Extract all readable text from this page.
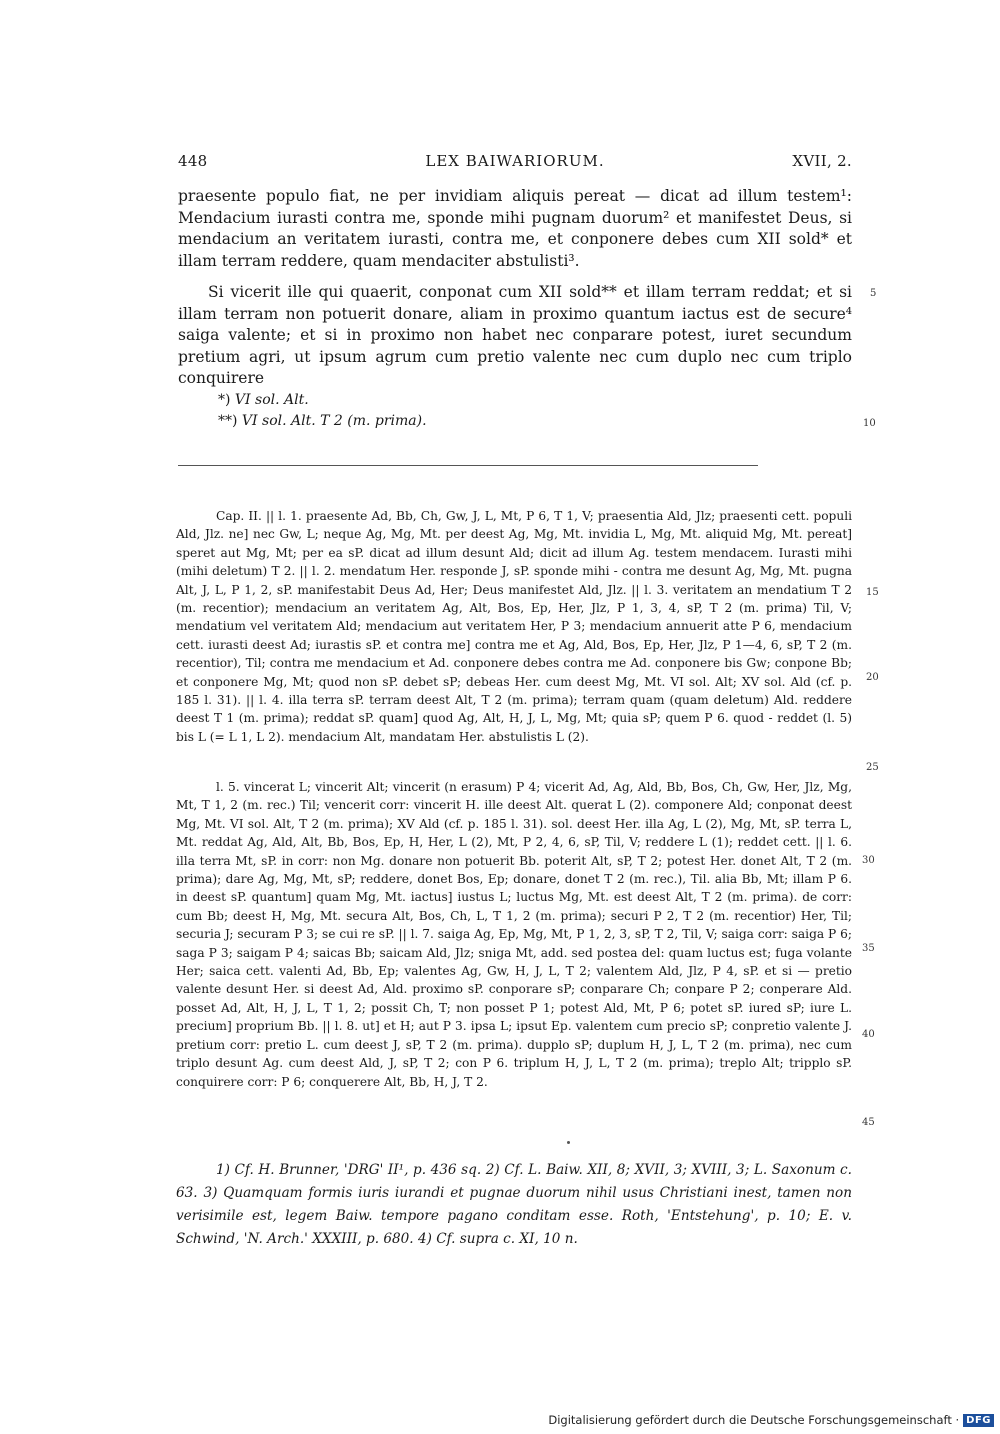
448	LEX BAIWARIORUM.	XVII, 2.

praesente populo fiat, ne per invidiam aliquis pereat — dicat ad illum testem¹: Mendacium iurasti contra me, sponde mihi pugnam duorum² et manifestet Deus, si mendacium an veritatem iurasti, contra me, et conponere debes cum XII sold* et illam terram reddere, quam mendaciter abstulisti³.

Si vicerit ille qui quaerit, conponat cum XII sold** et illam terram reddat; et si illam terram non potuerit donare, aliam in proximo quantum iactus est de secure⁴ saiga valente; et si in proximo non habet nec conparare potest, iuret secundum pretium agri, ut ipsum agrum cum pretio valente nec cum duplo nec cum triplo conquirere

5
*) VI sol. Alt.
**) VI sol. Alt. T 2 (m. prima).	10

Cap. II. || l. 1. praesente Ad, Bb, Ch, Gw, J, L, Mt, P 6, T 1, V; praesentia Ald, Jlz; praesenti cett. populi Ald, Jlz. ne] nec Gw, L; neque Ag, Mg, Mt. per deest Ag, Mg, Mt. invidia L, Mg, Mt. aliquid Mg, Mt. pereat] speret aut Mg, Mt; per ea sP. dicat ad illum desunt Ald; dicit ad illum Ag. testem mendacem. Iurasti mihi (mihi deletum) T 2. || l. 2. mendatum Her. responde J, sP. sponde mihi - contra me desunt Ag, Mg, Mt. pugna Alt, J, L, P 1, 2, sP. manifestabit Deus Ad, Her; Deus manifestet Ald, Jlz. || l. 3. veritatem an mendatium T 2 (m. recentior); mendacium an veritatem Ag, Alt, Bos, Ep, Her, Jlz, P 1, 3, 4, sP, T 2 (m. prima) Til, V; mendatium vel veritatem Ald; mendacium aut veritatem Her, P 3; mendacium annuerit atte P 6, mendacium cett. iurasti deest Ad; iurastis sP. et contra me] contra me et Ag, Ald, Bos, Ep, Her, Jlz, P 1—4, 6, sP, T 2 (m. recentior), Til; contra me mendacium et Ad. conponere debes contra me Ad. conponere bis Gw; conpone Bb; et conponere Mg, Mt; quod non sP. debet sP; debeas Her. cum deest Mg, Mt. VI sol. Alt; XV sol. Ald (cf. p. 185 l. 31). || l. 4. illa terra sP. terram deest Alt, T 2 (m. prima); terram quam (quam deletum) Ald. reddere deest T 1 (m. prima); reddat sP. quam] quod Ag, Alt, H, J, L, Mg, Mt; quia sP; quem P 6. quod - reddet (l. 5) bis L (= L 1, L 2). mendacium Alt, mandatam Her. abstulistis L (2).

15
20
25

l. 5. vincerat L; vincerit Alt; vincerit (n erasum) P 4; vicerit Ad, Ag, Ald, Bb, Bos, Ch, Gw, Her, Jlz, Mg, Mt, T 1, 2 (m. rec.) Til; vencerit corr: vincerit H. ille deest Alt. querat L (2). componere Ald; conponat deest Mg, Mt. VI sol. Alt, T 2 (m. prima); XV Ald (cf. p. 185 l. 31). sol. deest Her. illa Ag, L (2), Mg, Mt, sP. terra L, Mt. reddat Ag, Ald, Alt, Bb, Bos, Ep, H, Her, L (2), Mt, P 2, 4, 6, sP, Til, V; reddere L (1); reddet cett. || l. 6. illa terra Mt, sP. in corr: non Mg. donare non potuerit Bb. poterit Alt, sP, T 2; potest Her. donet Alt, T 2 (m. prima); dare Ag, Mg, Mt, sP; reddere, donet Bos, Ep; donare, donet T 2 (m. rec.), Til. alia Bb, Mt; illam P 6. in deest sP. quantum] quam Mg, Mt. iactus] iustus L; luctus Mg, Mt. est deest Alt, T 2 (m. prima). de corr: cum Bb; deest H, Mg, Mt. secura Alt, Bos, Ch, L, T 1, 2 (m. prima); securi P 2, T 2 (m. recentior) Her, Til; securia J; securam P 3; se cui re sP. || l. 7. saiga Ag, Ep, Mg, Mt, P 1, 2, 3, sP, T 2, Til, V; saiga corr: saiga P 6; saga P 3; saigam P 4; saicas Bb; saicam Ald, Jlz; sniga Mt, add. sed postea del: quam luctus est; fuga volante Her; saica cett. valenti Ad, Bb, Ep; valentes Ag, Gw, H, J, L, T 2; valentem Ald, Jlz, P 4, sP. et si — pretio valente desunt Her. si deest Ad, Ald. proximo sP. conporare sP; conparare Ch; conpare P 2; conperare Ald. posset Ad, Alt, H, J, L, T 1, 2; possit Ch, T; non posset P 1; potest Ald, Mt, P 6; potet sP. iured sP; iure L. precium] proprium Bb. || l. 8. ut] et H; aut P 3. ipsa L; ipsut Ep. valentem cum precio sP; conpretio valente J. pretium corr: pretio L. cum deest J, sP, T 2 (m. prima). dupplo sP; duplum H, J, L, T 2 (m. prima), nec cum triplo desunt Ag. cum deest Ald, J, sP, T 2; con P 6. triplum H, J, L, T 2 (m. prima); treplo Alt; tripplo sP. conquirere corr: P 6; conquerere Alt, Bb, H, J, T 2.

30
35
40
45

1) Cf. H. Brunner, 'DRG' II¹, p. 436 sq. 2) Cf. L. Baiw. XII, 8; XVII, 3; XVIII, 3; L. Saxonum c. 63. 3) Quamquam formis iuris iurandi et pugnae duorum nihil usus Christiani inest, tamen non verisimile est, legem Baiw. tempore pagano conditam esse. Roth, 'Entstehung', p. 10; E. v. Schwind, 'N. Arch.' XXXIII, p. 680. 4) Cf. supra c. XI, 10 n.

Digitalisierung gefördert durch die Deutsche Forschungsgemeinschaft · DFG
